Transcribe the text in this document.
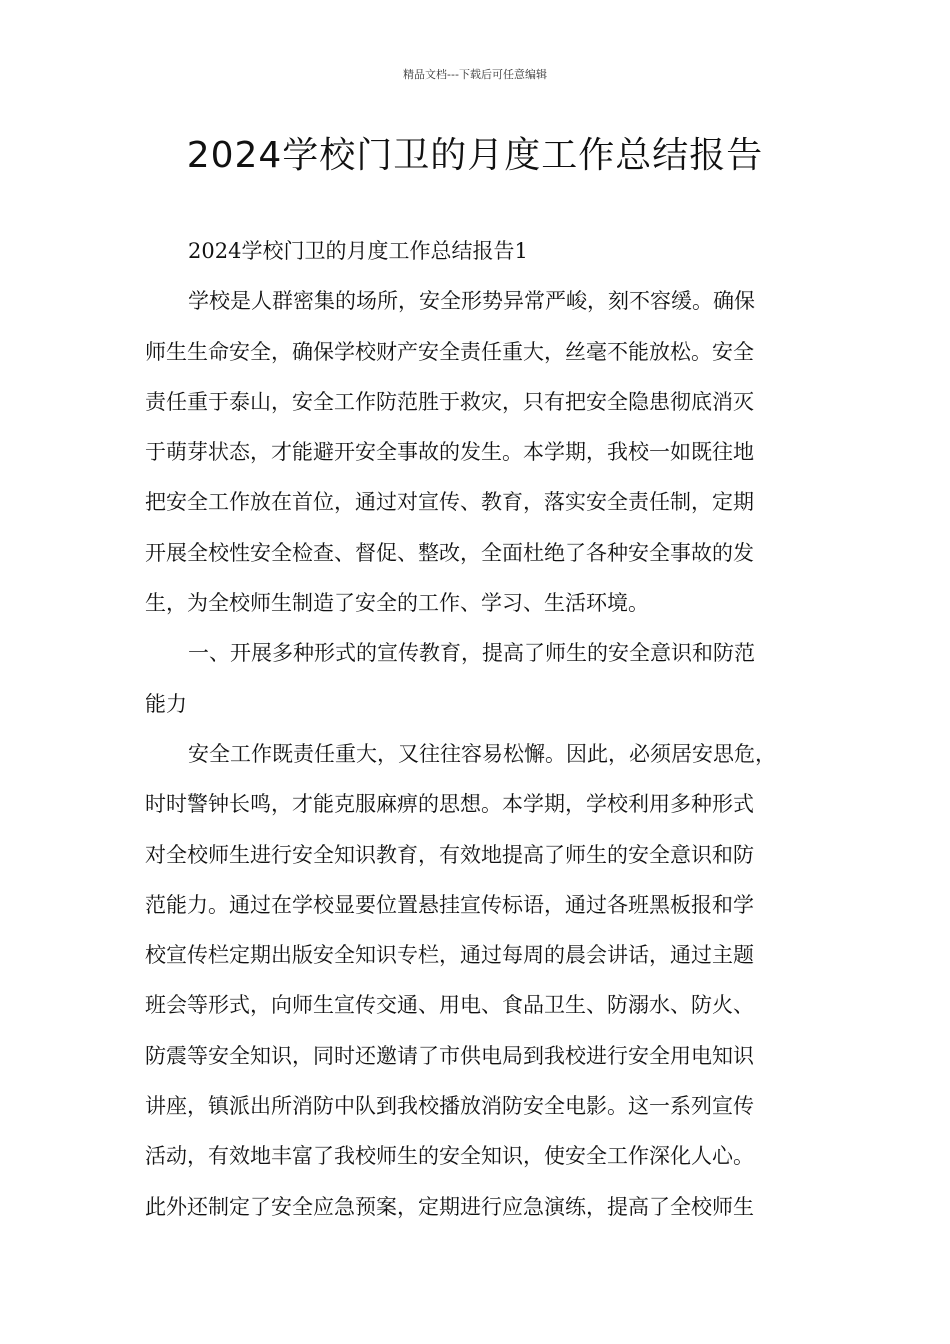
精品文档---下载后可任意编辑
2024学校门卫的月度工作总结报告
2024学校门卫的月度工作总结报告1
学校是人群密集的场所，安全形势异常严峻，刻不容缓。确保
师生生命安全，确保学校财产安全责任重大，丝毫不能放松。安全
责任重于泰山，安全工作防范胜于救灾，只有把安全隐患彻底消灭
于萌芽状态，才能避开安全事故的发生。本学期，我校一如既往地
把安全工作放在首位，通过对宣传、教育，落实安全责任制，定期
开展全校性安全检查、督促、整改，全面杜绝了各种安全事故的发
生，为全校师生制造了安全的工作、学习、生活环境。
一、开展多种形式的宣传教育，提高了师生的安全意识和防范
能力
安全工作既责任重大，又往往容易松懈。因此，必须居安思危，
时时警钟长鸣，才能克服麻痹的思想。本学期，学校利用多种形式
对全校师生进行安全知识教育，有效地提高了师生的安全意识和防
范能力。通过在学校显要位置悬挂宣传标语，通过各班黑板报和学
校宣传栏定期出版安全知识专栏，通过每周的晨会讲话，通过主题
班会等形式，向师生宣传交通、用电、食品卫生、防溺水、防火、
防震等安全知识，同时还邀请了市供电局到我校进行安全用电知识
讲座，镇派出所消防中队到我校播放消防安全电影。这一系列宣传
活动，有效地丰富了我校师生的安全知识，使安全工作深化人心。
此外还制定了安全应急预案，定期进行应急演练，提高了全校师生
